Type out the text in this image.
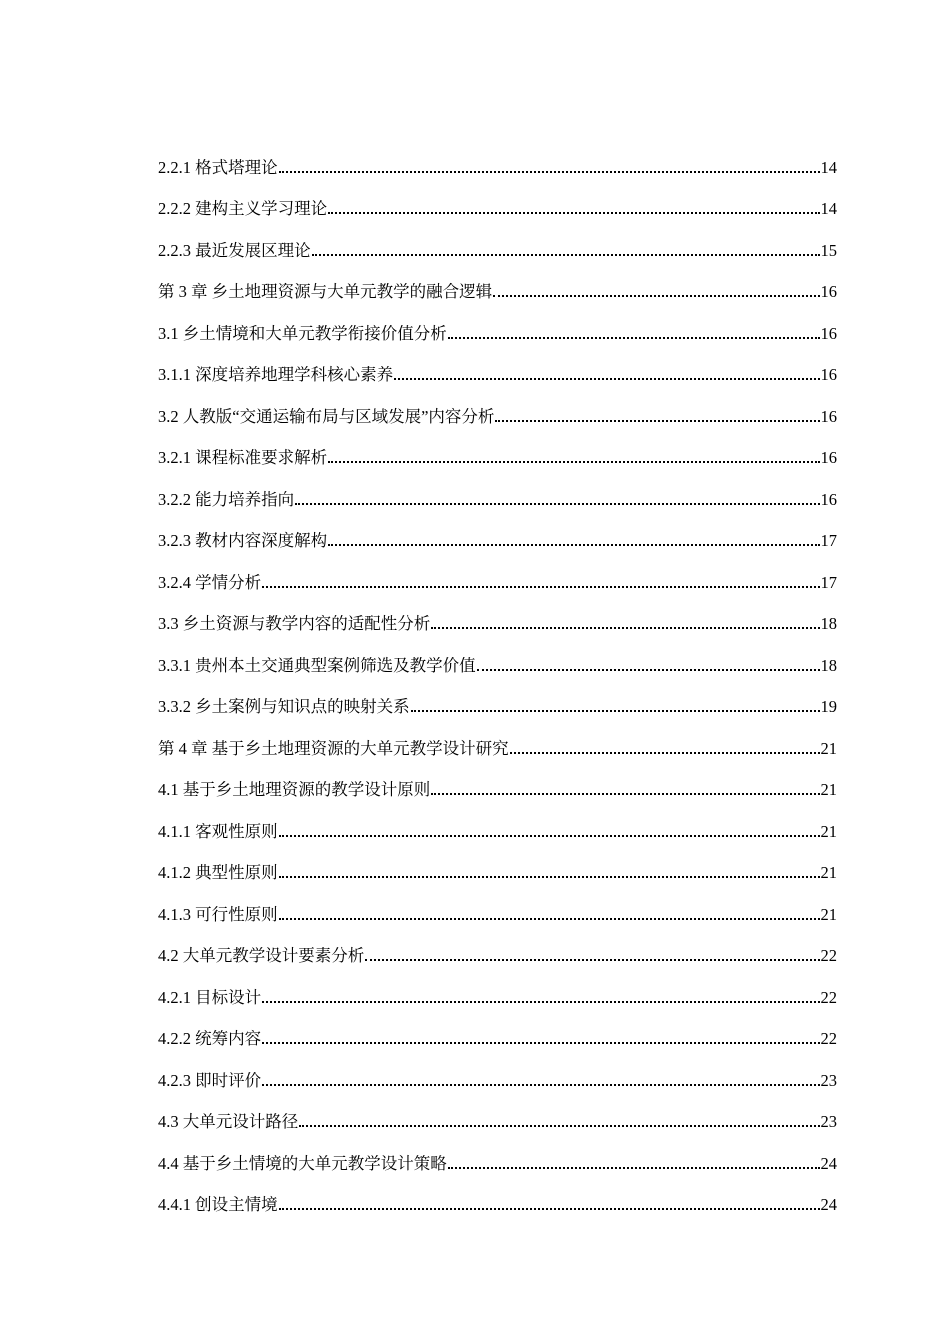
2.2.1 格式塔理论	14
2.2.2 建构主义学习理论	14
2.2.3 最近发展区理论	15
第 3 章 乡土地理资源与大单元教学的融合逻辑	16
3.1 乡土情境和大单元教学衔接价值分析	16
3.1.1 深度培养地理学科核心素养	16
3.2 人教版“交通运输布局与区域发展”内容分析	16
3.2.1 课程标准要求解析	16
3.2.2 能力培养指向	16
3.2.3 教材内容深度解构	17
3.2.4 学情分析	17
3.3 乡土资源与教学内容的适配性分析	18
3.3.1 贵州本土交通典型案例筛选及教学价值	18
3.3.2 乡土案例与知识点的映射关系	19
第 4 章 基于乡土地理资源的大单元教学设计研究	21
4.1 基于乡土地理资源的教学设计原则	21
4.1.1 客观性原则	21
4.1.2 典型性原则	21
4.1.3 可行性原则	21
4.2 大单元教学设计要素分析	22
4.2.1 目标设计	22
4.2.2 统筹内容	22
4.2.3 即时评价	23
4.3 大单元设计路径	23
4.4 基于乡土情境的大单元教学设计策略	24
4.4.1 创设主情境	24
